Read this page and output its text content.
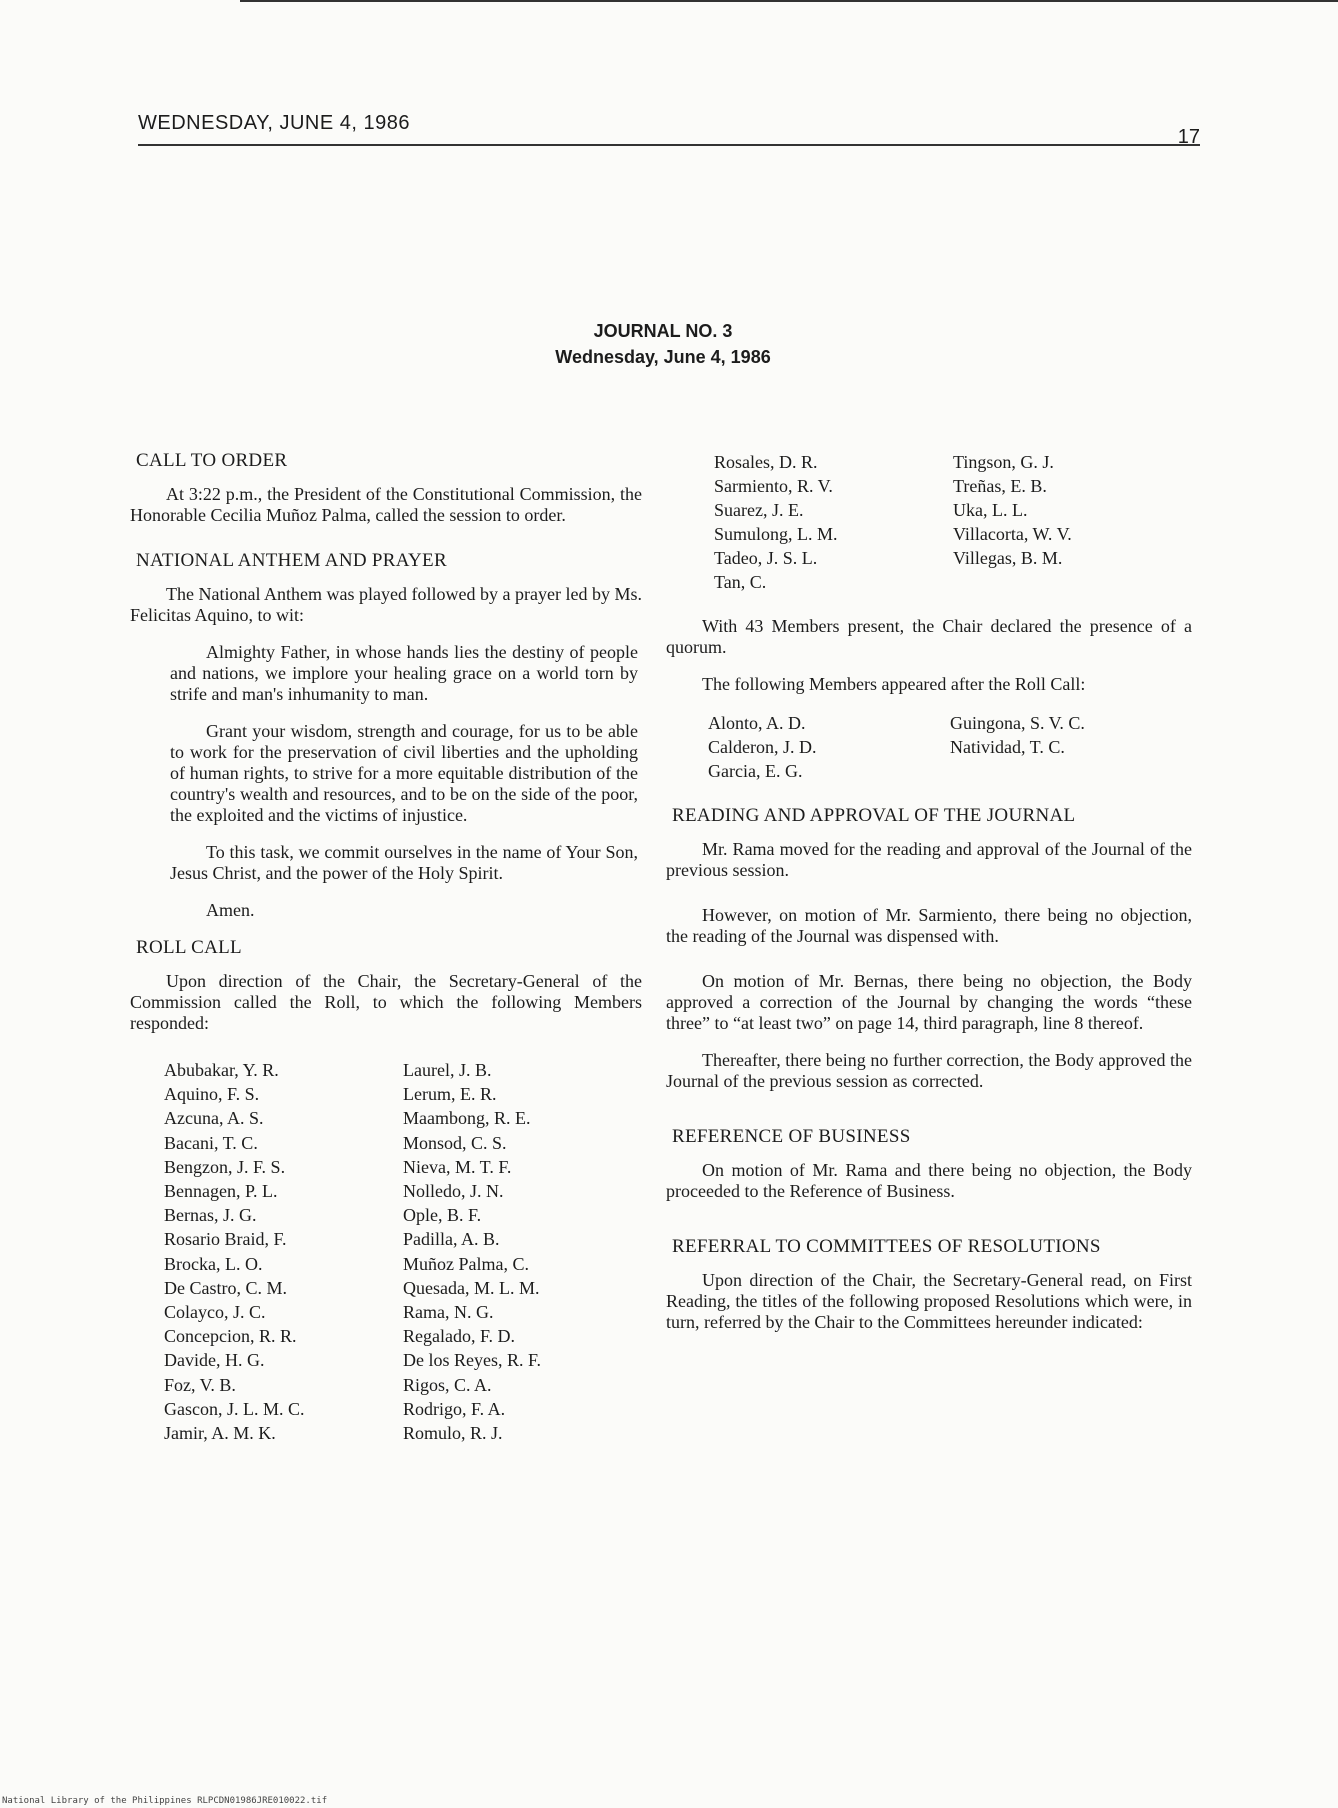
WEDNESDAY, JUNE 4, 1986
17
JOURNAL NO. 3
Wednesday, June 4, 1986
CALL TO ORDER

At 3:22 p.m., the President of the Constitutional Commission, the Honorable Cecilia Muñoz Palma, called the session to order.

NATIONAL ANTHEM AND PRAYER

The National Anthem was played followed by a prayer led by Ms. Felicitas Aquino, to wit:

Almighty Father, in whose hands lies the destiny of people and nations, we implore your healing grace on a world torn by strife and man's inhumanity to man.

Grant your wisdom, strength and courage, for us to be able to work for the preservation of civil liberties and the upholding of human rights, to strive for a more equitable distribution of the country's wealth and resources, and to be on the side of the poor, the exploited and the victims of injustice.

To this task, we commit ourselves in the name of Your Son, Jesus Christ, and the power of the Holy Spirit.

Amen.

ROLL CALL

Upon direction of the Chair, the Secretary-General of the Commission called the Roll, to which the following Members responded:

Abubakar, Y. R.
Aquino, F. S.
Azcuna, A. S.
Bacani, T. C.
Bengzon, J. F. S.
Bennagen, P. L.
Bernas, J. G.
Rosario Braid, F.
Brocka, L. O.
De Castro, C. M.
Colayco, J. C.
Concepcion, R. R.
Davide, H. G.
Foz, V. B.
Gascon, J. L. M. C.
Jamir, A. M. K.
Laurel, J. B.
Lerum, E. R.
Maambong, R. E.
Monsod, C. S.
Nieva, M. T. F.
Nolledo, J. N.
Ople, B. F.
Padilla, A. B.
Muñoz Palma, C.
Quesada, M. L. M.
Rama, N. G.
Regalado, F. D.
De los Reyes, R. F.
Rigos, C. A.
Rodrigo, F. A.
Romulo, R. J.
Rosales, D. R.
Sarmiento, R. V.
Suarez, J. E.
Sumulong, L. M.
Tadeo, J. S. L.
Tan, C.
Tingson, G. J.
Treñas, E. B.
Uka, L. L.
Villacorta, W. V.
Villegas, B. M.

With 43 Members present, the Chair declared the presence of a quorum.

The following Members appeared after the Roll Call:

Alonto, A. D.
Calderon, J. D.
Garcia, E. G.
Guingona, S. V. C.
Natividad, T. C.
READING AND APPROVAL OF THE JOURNAL

Mr. Rama moved for the reading and approval of the Journal of the previous session.

However, on motion of Mr. Sarmiento, there being no objection, the reading of the Journal was dispensed with.

On motion of Mr. Bernas, there being no objection, the Body approved a correction of the Journal by changing the words “these three” to “at least two” on page 14, third paragraph, line 8 thereof.

Thereafter, there being no further correction, the Body approved the Journal of the previous session as corrected.

REFERENCE OF BUSINESS

On motion of Mr. Rama and there being no objection, the Body proceeded to the Reference of Business.

REFERRAL TO COMMITTEES OF RESOLUTIONS

Upon direction of the Chair, the Secretary-General read, on First Reading, the titles of the following proposed Resolutions which were, in turn, referred by the Chair to the Committees hereunder indicated:

National Library of the Philippines RLPCDN01986JRE010022.tif
